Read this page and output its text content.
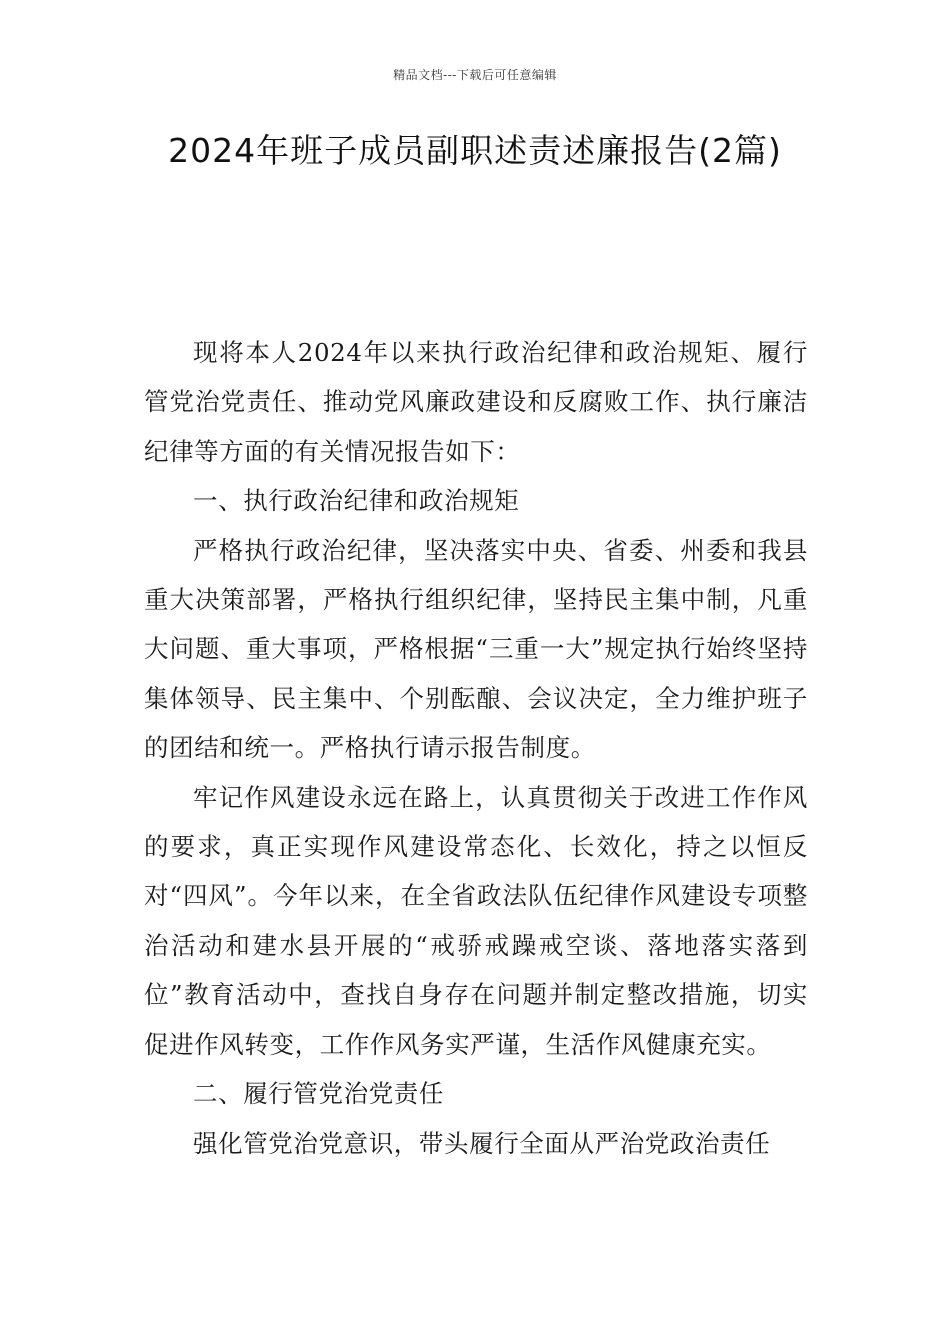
精品文档---下载后可任意编辑
2024年班子成员副职述责述廉报告(2篇)

现将本人2024年以来执行政治纪律和政治规矩、履行管党治党责任、推动党风廉政建设和反腐败工作、执行廉洁纪律等方面的有关情况报告如下：

一、执行政治纪律和政治规矩

严格执行政治纪律，坚决落实中央、省委、州委和我县重大决策部署，严格执行组织纪律，坚持民主集中制，凡重大问题、重大事项，严格根据“三重一大”规定执行始终坚持集体领导、民主集中、个别酝酿、会议决定，全力维护班子的团结和统一。严格执行请示报告制度。

牢记作风建设永远在路上，认真贯彻关于改进工作作风的要求，真正实现作风建设常态化、长效化，持之以恒反对“四风”。今年以来，在全省政法队伍纪律作风建设专项整治活动和建水县开展的“戒骄戒躁戒空谈、落地落实落到位”教育活动中，查找自身存在问题并制定整改措施，切实促进作风转变，工作作风务实严谨，生活作风健康充实。

二、履行管党治党责任

强化管党治党意识，带头履行全面从严治党政治责任
